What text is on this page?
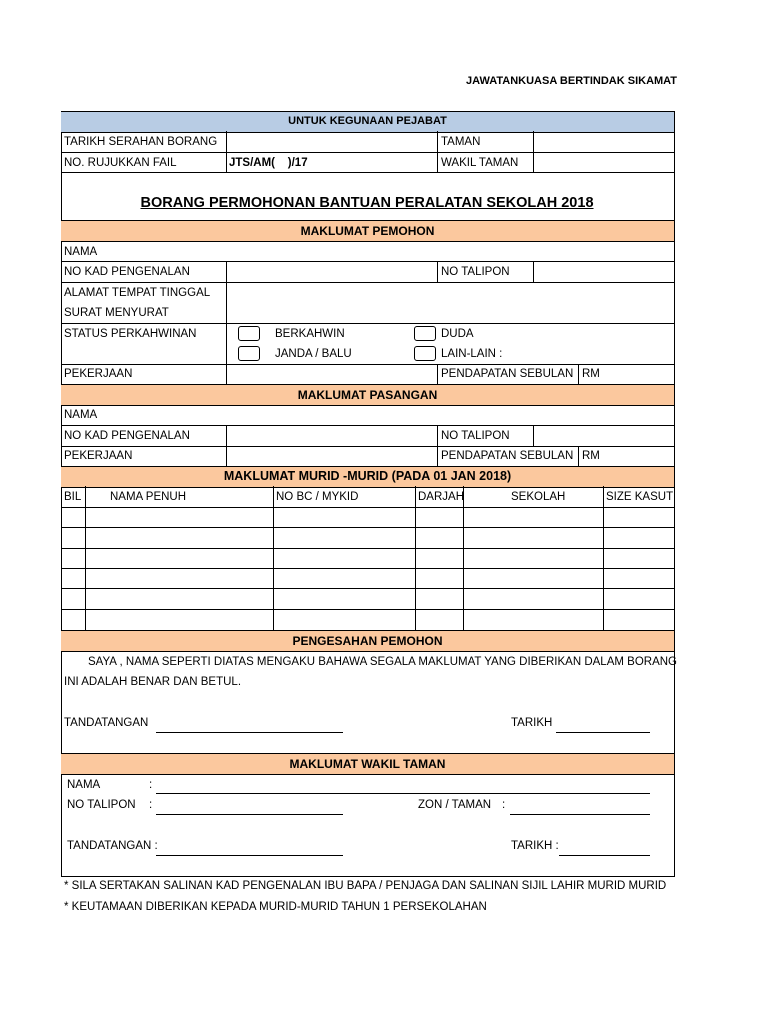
JAWATANKUASA BERTINDAK SIKAMAT
UNTUK KEGUNAAN PEJABAT
TARIKH SERAHAN BORANG	TAMAN
NO. RUJUKKAN FAIL	JTS/AM(    )/17	WAKIL TAMAN
BORANG PERMOHONAN BANTUAN PERALATAN SEKOLAH 2018
MAKLUMAT PEMOHON
NAMA
NO KAD PENGENALAN	NO TALIPON
ALAMAT TEMPAT TINGGAL
SURAT MENYURAT
STATUS PERKAHWINAN	BERKAHWIN	DUDA
JANDA / BALU	LAIN-LAIN :
PEKERJAAN	PENDAPATAN SEBULAN RM
MAKLUMAT PASANGAN
NAMA
NO KAD PENGENALAN	NO TALIPON
PEKERJAAN	PENDAPATAN SEBULAN RM
MAKLUMAT MURID -MURID (PADA 01 JAN 2018)
BIL NAMA PENUH	NO BC / MYKID	DARJAH	SEKOLAH	SIZE KASUT
PENGESAHAN PEMOHON
SAYA , NAMA SEPERTI DIATAS MENGAKU BAHAWA SEGALA MAKLUMAT YANG DIBERIKAN DALAM BORANG
INI ADALAH BENAR DAN BETUL.
TANDATANGAN	TARIKH
MAKLUMAT WAKIL TAMAN
NAMA	:
NO TALIPON :	ZON / TAMAN :
TANDATANGAN :	TARIKH :
* SILA SERTAKAN SALINAN KAD PENGENALAN IBU BAPA / PENJAGA DAN SALINAN SIJIL LAHIR MURID MURID
* KEUTAMAAN DIBERIKAN KEPADA MURID-MURID TAHUN 1 PERSEKOLAHAN
